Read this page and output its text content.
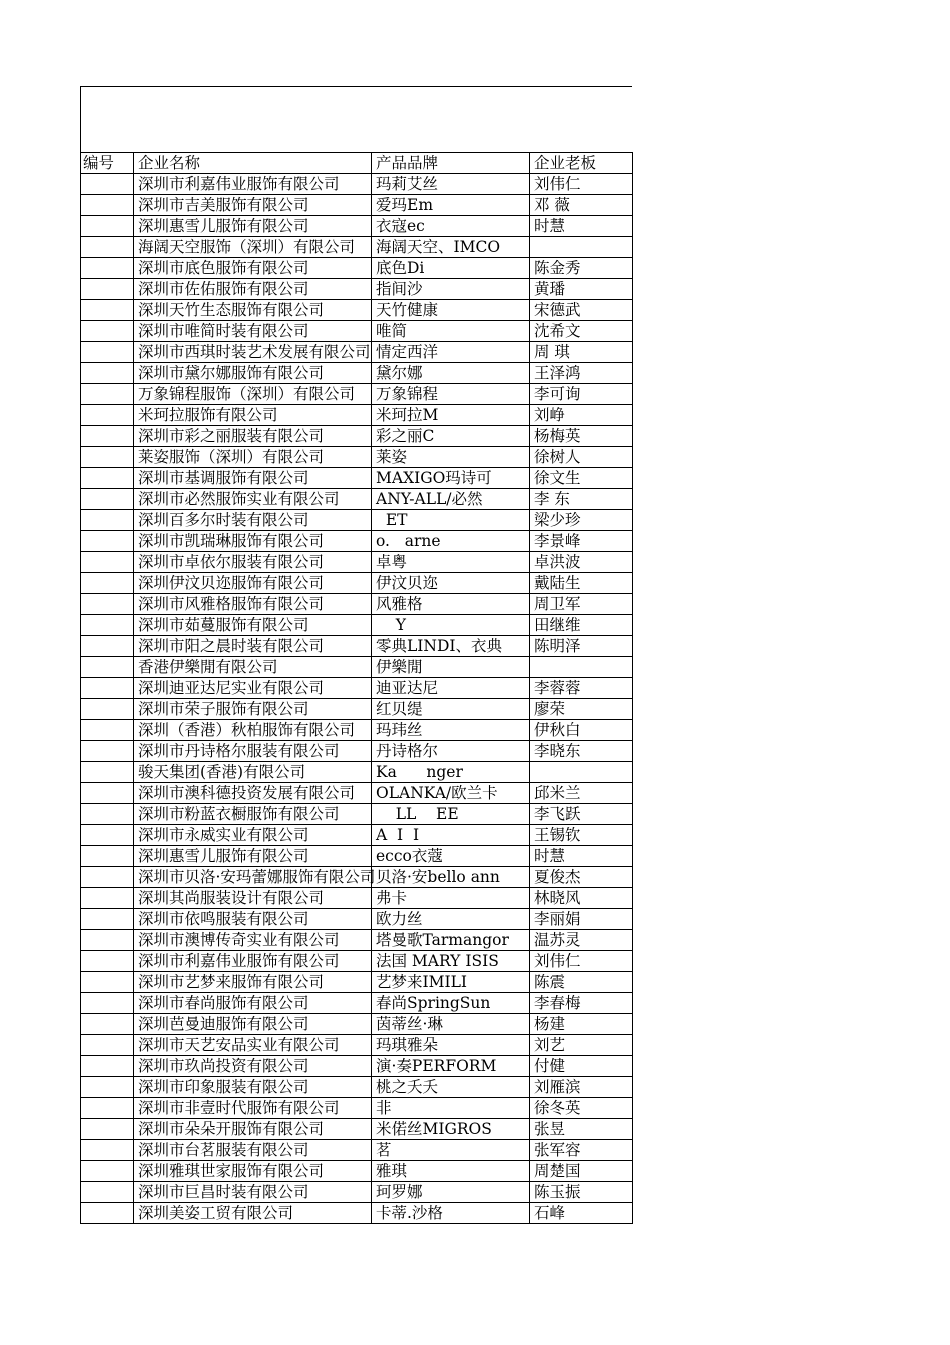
编号	企业名称	产品品牌	企业老板
	深圳市利嘉伟业服饰有限公司	玛莉艾丝	刘伟仁
	深圳市吉美服饰有限公司	爱玛Em	邓 薇
	深圳惠雪儿服饰有限公司	衣寇ec	时慧
	海阔天空服饰（深圳）有限公司	海阔天空、IMCO	
	深圳市底色服饰有限公司	底色Di	陈金秀
	深圳市佐佑服饰有限公司	指间沙	黄璠
	深圳天竹生态服饰有限公司	天竹健康	宋德武
	深圳市唯简时装有限公司	唯简	沈希文
	深圳市西琪时装艺术发展有限公司	情定西洋	周 琪
	深圳市黛尔娜服饰有限公司	黛尔娜	王泽鸿
	万象锦程服饰（深圳）有限公司	万象锦程	李可询
	米珂拉服饰有限公司	米珂拉M	刘峥
	深圳市彩之丽服装有限公司	彩之丽C	杨梅英
	莱姿服饰（深圳）有限公司	莱姿	徐树人
	深圳市基调服饰有限公司	MAXIGO玛诗可	徐文生
	深圳市必然服饰实业有限公司	ANY-ALL/必然	李 东
	深圳百多尔时装有限公司	ET	梁少珍
	深圳市凯瑞琳服饰有限公司	o.   arne	李景峰
	深圳市卓依尔服装有限公司	卓粤	卓洪波
	深圳伊汶贝迩服饰有限公司	伊汶贝迩	戴陆生
	深圳市风雅格服饰有限公司	风雅格	周卫军
	深圳市茹蔓服饰有限公司	Y	田继维
	深圳市阳之晨时装有限公司	零典LINDI、衣典	陈明泽
	香港伊樂閒有限公司	伊樂閒	
	深圳迪亚达尼实业有限公司	迪亚达尼	李蓉蓉
	深圳市荣子服饰有限公司	红贝缇	廖荣
	深圳（香港）秋柏服饰有限公司	玛玮丝	伊秋白
	深圳市丹诗格尔服装有限公司	丹诗格尔	李晓东
	骏天集团(香港)有限公司	Ka      nger	
	深圳市澳科德投资发展有限公司	OLANKA/欧兰卡	邱米兰
	深圳市粉蓝衣橱服饰有限公司	LL    EE	李飞跃
	深圳市永威实业有限公司	A  I  I	王锡钦
	深圳惠雪儿服饰有限公司	ecco衣蔻	时慧
	深圳市贝洛·安玛蕾娜服饰有限公司	贝洛·安bello ann	夏俊杰
	深圳其尚服装设计有限公司	弗卡	林晓风
	深圳市依鸣服装有限公司	欧力丝	李丽娟
	深圳市澳博传奇实业有限公司	塔曼歌Tarmangor	温苏灵
	深圳市利嘉伟业服饰有限公司	法国 MARY ISIS	刘伟仁
	深圳市艺梦来服饰有限公司	艺梦来IMILI	陈震
	深圳市春尚服饰有限公司	春尚SpringSun	李春梅
	深圳芭曼迪服饰有限公司	茵蒂丝·琳	杨建
	深圳市天艺安品实业有限公司	玛琪雅朵	刘艺
	深圳市玖尚投资有限公司	演·奏PERFORM	付健
	深圳市印象服装有限公司	桃之夭夭	刘雁滨
	深圳市非壹时代服饰有限公司	非	徐冬英
	深圳市朵朵开服饰有限公司	米偌丝MIGROS	张昱
	深圳市台茗服装有限公司	茗	张军容
	深圳雅琪世家服饰有限公司	雅琪	周楚国
	深圳市巨昌时装有限公司	珂罗娜	陈玉振
	深圳美姿工贸有限公司	卡蒂.沙格	石峰
